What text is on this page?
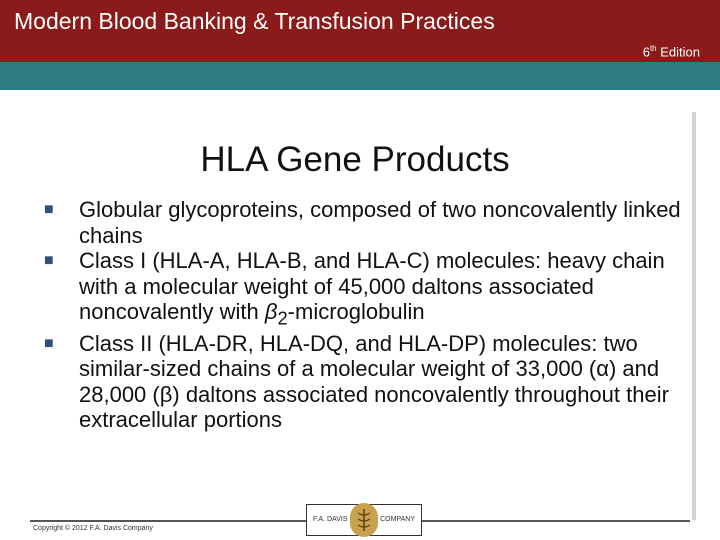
Modern Blood Banking & Transfusion Practices
6th Edition
HLA Gene Products
■ Globular glycoproteins, composed of two noncovalently linked chains
■ Class I (HLA-A, HLA-B, and HLA-C) molecules: heavy chain with a molecular weight of 45,000 daltons associated noncovalently with $\beta_2$-microglobulin
■ Class II (HLA-DR, HLA-DQ, and HLA-DP) molecules: two similar-sized chains of a molecular weight of 33,000 (α) and 28,000 (β) daltons associated noncovalently throughout their extracellular portions
Copyright © 2012 F.A. Davis Company
F.A. DAVIS	COMPANY
